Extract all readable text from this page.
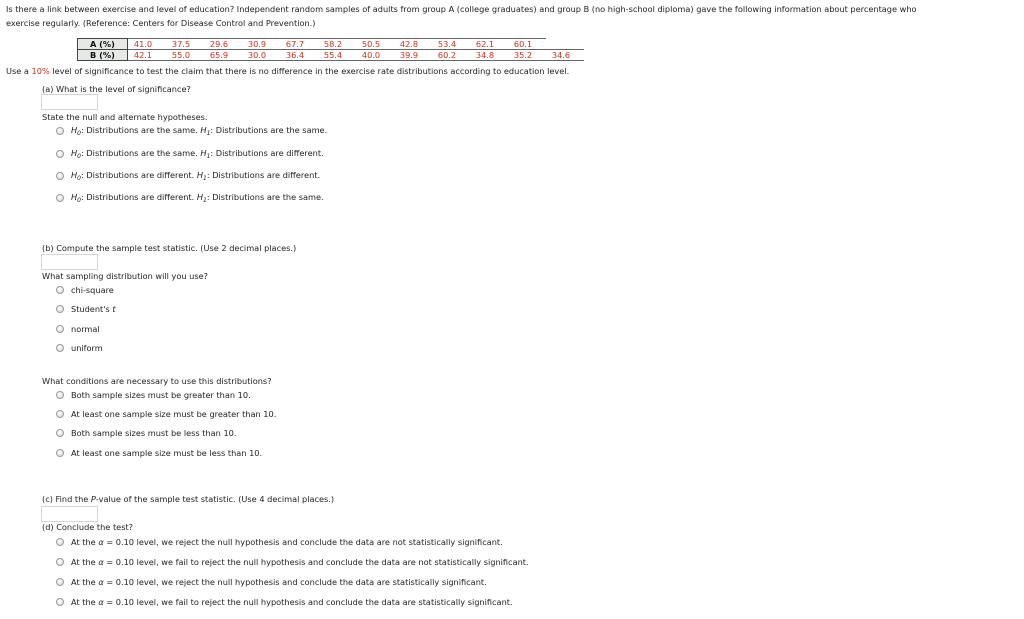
Is there a link between exercise and level of education? Independent random samples of adults from group A (college graduates) and group B (no high-school diploma) gave the following information about percentage who
exercise regularly. (Reference: Centers for Disease Control and Prevention.)
A (%)	41.0	37.5	29.6	30.9	67.7	58.2	50.5	42.8	53.4	62.1	60.1	
B (%)	42.1	55.0	65.9	30.0	36.4	55.4	40.0	39.9	60.2	34.8	35.2	34.6
Use a 10% level of significance to test the claim that there is no difference in the exercise rate distributions according to education level.
(a) What is the level of significance?
State the null and alternate hypotheses.
$H_0$: Distributions are the same. $H_1$: Distributions are the same.
$H_0$: Distributions are the same. $H_1$: Distributions are different.
$H_0$: Distributions are different. $H_1$: Distributions are different.
$H_0$: Distributions are different. $H_1$: Distributions are the same.
(b) Compute the sample test statistic. (Use 2 decimal places.)
What sampling distribution will you use?
chi-square
Student's t
normal
uniform
What conditions are necessary to use this distributions?
Both sample sizes must be greater than 10.
At least one sample size must be greater than 10.
Both sample sizes must be less than 10.
At least one sample size must be less than 10.
(c) Find the P-value of the sample test statistic. (Use 4 decimal places.)
(d) Conclude the test?
At the α = 0.10 level, we reject the null hypothesis and conclude the data are not statistically significant.
At the α = 0.10 level, we fail to reject the null hypothesis and conclude the data are not statistically significant.
At the α = 0.10 level, we reject the null hypothesis and conclude the data are statistically significant.
At the α = 0.10 level, we fail to reject the null hypothesis and conclude the data are statistically significant.
